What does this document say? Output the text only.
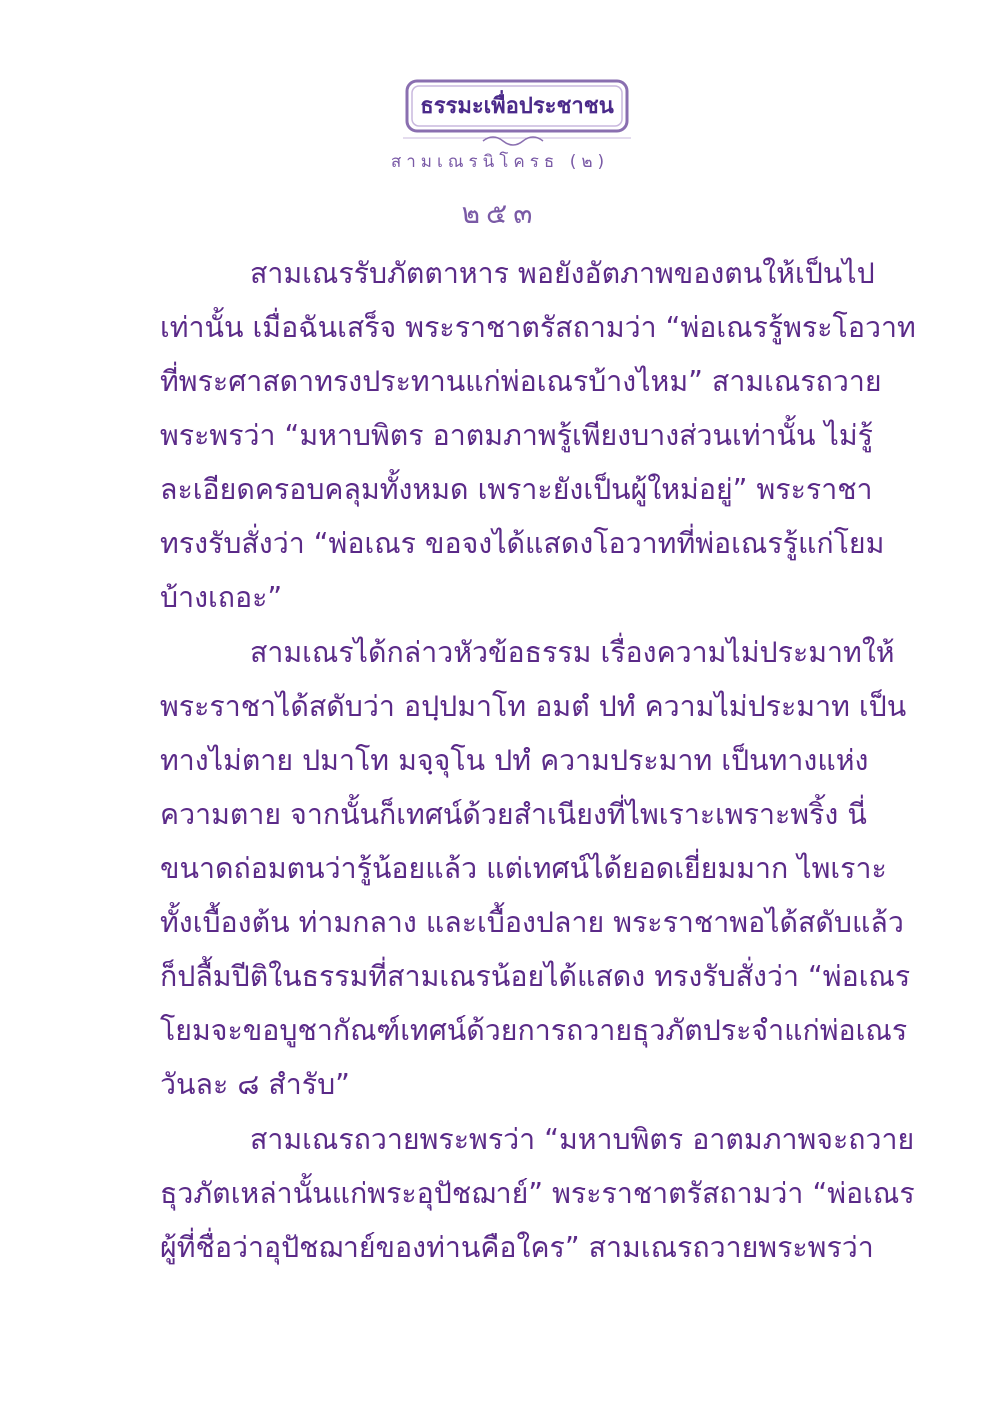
ธรรมะเพื่อประชาชน
สามเณรนิโครธ (๒)
๒๕๓
สามเณรรับภัตตาหาร พอยังอัตภาพของตนให้เป็นไป
เท่านั้น เมื่อฉันเสร็จ พระราชาตรัสถามว่า “พ่อเณรรู้พระโอวาท
ที่พระศาสดาทรงประทานแก่พ่อเณรบ้างไหม” สามเณรถวาย
พระพรว่า “มหาบพิตร อาตมภาพรู้เพียงบางส่วนเท่านั้น ไม่รู้
ละเอียดครอบคลุมทั้งหมด เพราะยังเป็นผู้ใหม่อยู่” พระราชา
ทรงรับสั่งว่า “พ่อเณร ขอจงได้แสดงโอวาทที่พ่อเณรรู้แก่โยม
บ้างเถอะ”
สามเณรได้กล่าวหัวข้อธรรม เรื่องความไม่ประมาทให้
พระราชาได้สดับว่า อปฺปมาโท อมตํ ปทํ ความไม่ประมาท เป็น
ทางไม่ตาย ปมาโท มจฺจุโน ปทํ ความประมาท เป็นทางแห่ง
ความตาย จากนั้นก็เทศน์ด้วยสำเนียงที่ไพเราะเพราะพริ้ง นี่
ขนาดถ่อมตนว่ารู้น้อยแล้ว แต่เทศน์ได้ยอดเยี่ยมมาก ไพเราะ
ทั้งเบื้องต้น ท่ามกลาง และเบื้องปลาย พระราชาพอได้สดับแล้ว
ก็ปลื้มปีติในธรรมที่สามเณรน้อยได้แสดง ทรงรับสั่งว่า “พ่อเณร
โยมจะขอบูชากัณฑ์เทศน์ด้วยการถวายธุวภัตประจำแก่พ่อเณร
วันละ ๘ สำรับ”
สามเณรถวายพระพรว่า “มหาบพิตร อาตมภาพจะถวาย
ธุวภัตเหล่านั้นแก่พระอุปัชฌาย์” พระราชาตรัสถามว่า “พ่อเณร
ผู้ที่ชื่อว่าอุปัชฌาย์ของท่านคือใคร” สามเณรถวายพระพรว่า
